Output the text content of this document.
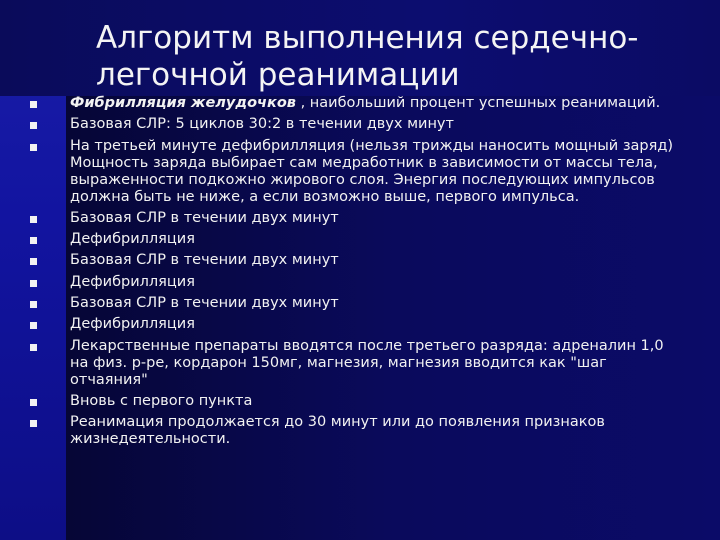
Алгоритм выполнения сердечно-легочной реанимации
Фибрилляция желудочков , наибольший процент успешных реанимаций.
Базовая СЛР: 5 циклов 30:2 в течении двух минут
На третьей минуте дефибрилляция (нельзя трижды наносить мощный заряд) Мощность заряда выбирает сам медработник в зависимости от массы тела, выраженности подкожно жирового слоя. Энергия последующих импульсов должна быть не ниже, а если возможно выше, первого импульса.
Базовая СЛР в течении двух минут
Дефибрилляция
Базовая СЛР в течении двух минут
Дефибрилляция
Базовая СЛР в течении двух минут
Дефибрилляция
Лекарственные препараты вводятся после третьего разряда: адреналин 1,0 на физ. р-ре, кордарон 150мг, магнезия, магнезия вводится как "шаг отчаяния"
Вновь с первого пункта
Реанимация продолжается до 30 минут или до появления признаков жизнедеятельности.
